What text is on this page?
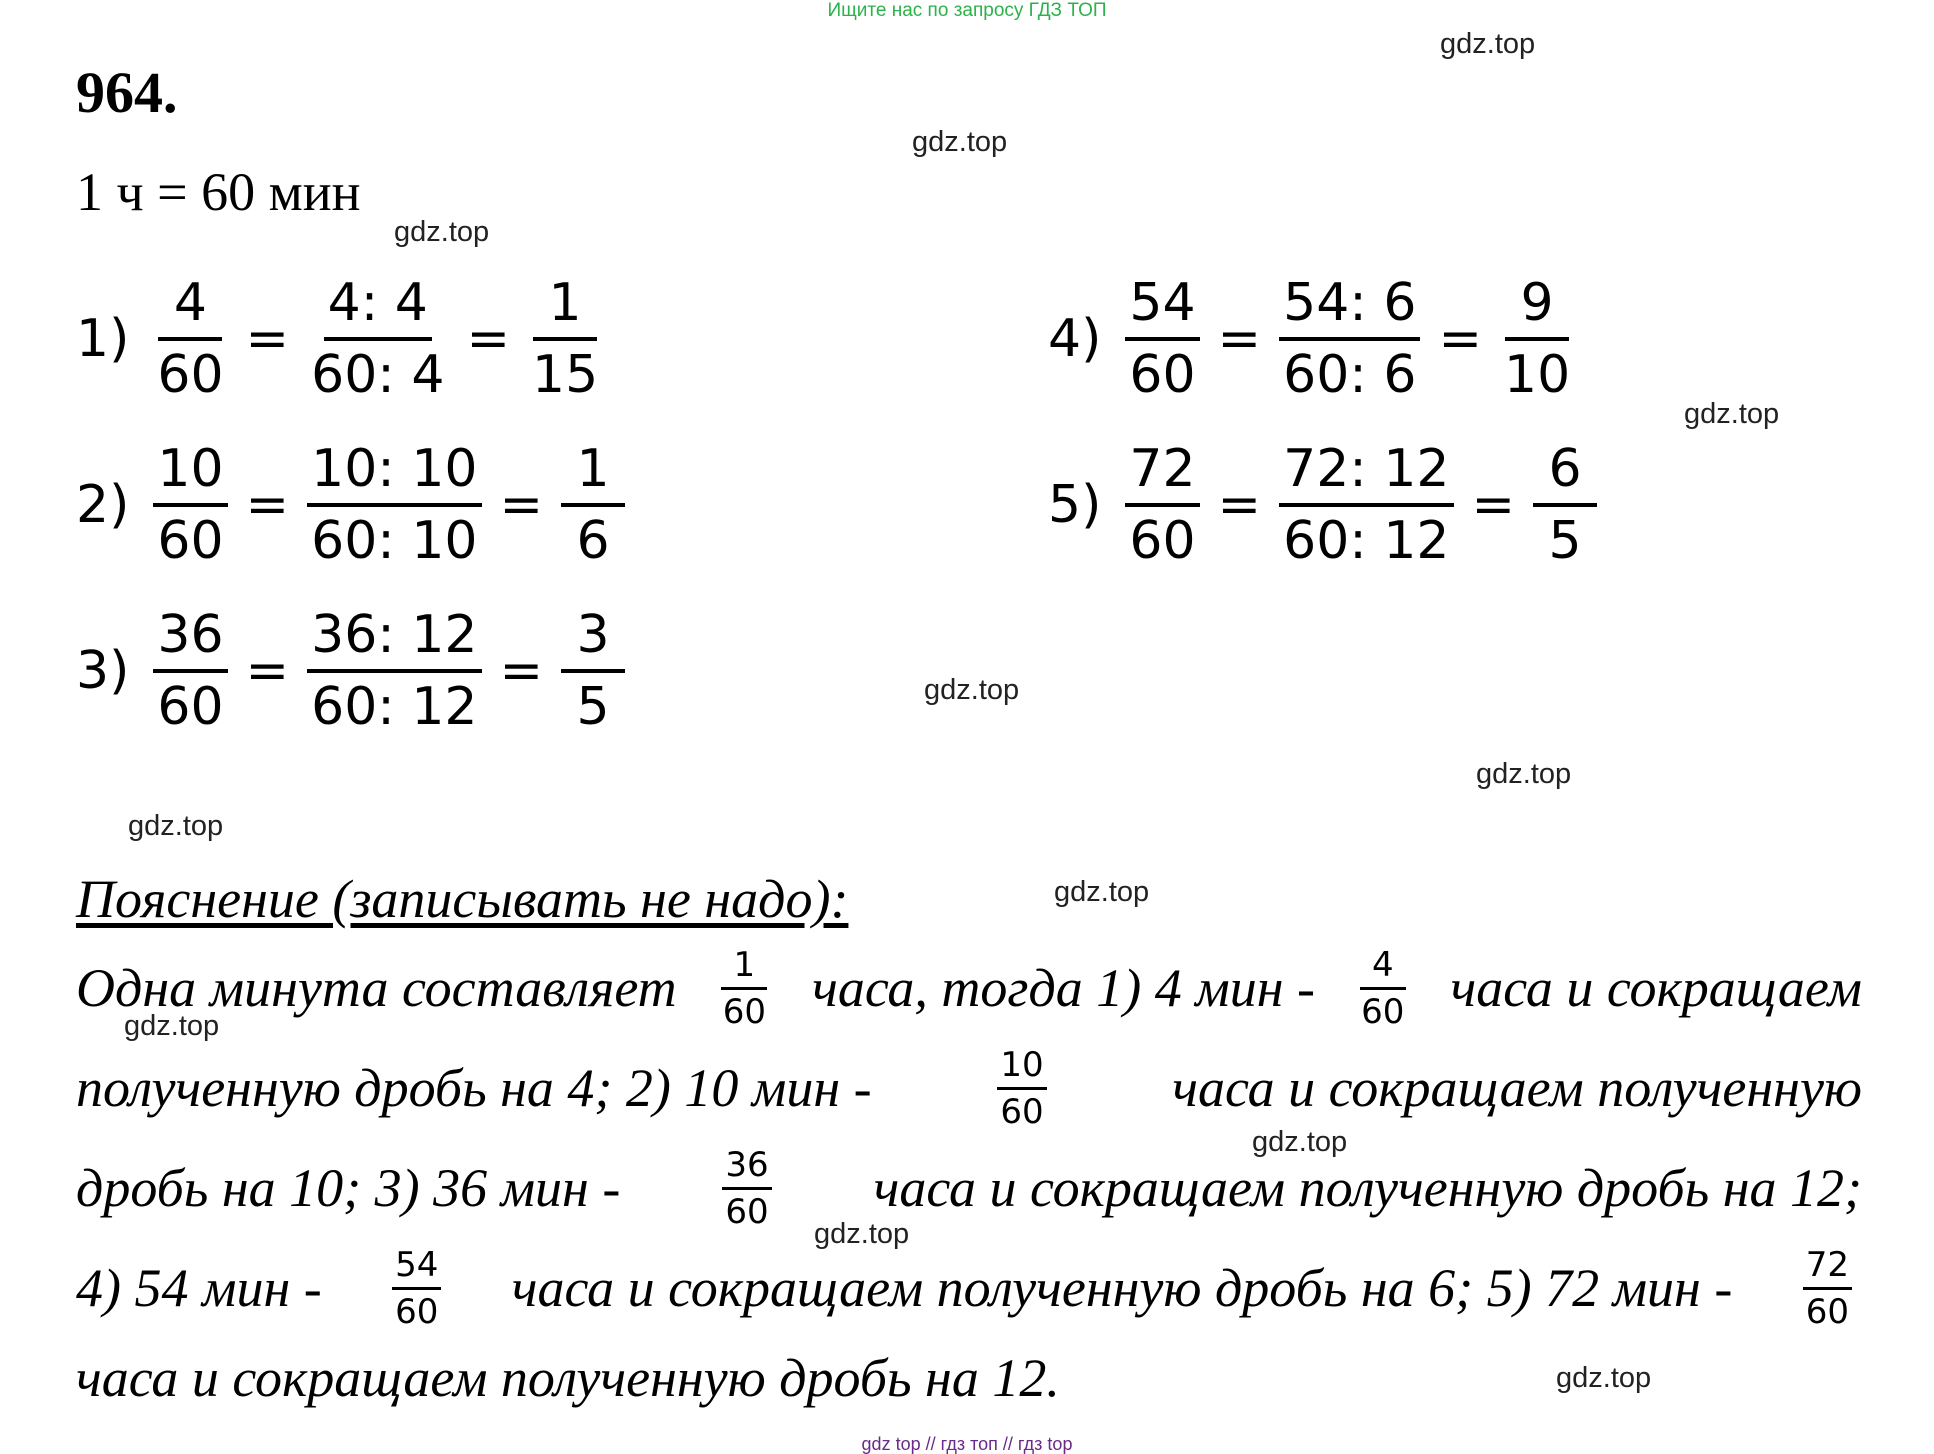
Ищите нас по запросу ГДЗ ТОП
gdz.top
gdz.top
gdz.top
gdz.top
gdz.top
gdz.top
gdz.top
gdz.top
gdz.top
gdz.top
gdz.top
gdz.top
964.
1 ч = 60 мин
$1) \frac{4}{60} = \frac{4: 4}{60: 4} = \frac{1}{15}$
$2) \frac{10}{60} = \frac{10: 10}{60: 10} = \frac{1}{6}$
$3) \frac{36}{60} = \frac{36: 12}{60: 12} = \frac{3}{5}$
$4) \frac{54}{60} = \frac{54: 6}{60: 6} = \frac{9}{10}$
$5) \frac{72}{60} = \frac{72: 12}{60: 12} = \frac{6}{5}$
Пояснение (записывать не надо):
Одна минута составляет $\frac{1}{60}$ часа, тогда 1) 4 мин - $\frac{4}{60}$ часа и сокращаем
полученную дробь на 4; 2) 10 мин -	$\frac{10}{60}$ часа и сокращаем полученную
дробь на 10; 3) 36 мин -	$\frac{36}{60}$ часа и сокращаем полученную дробь на 12;
4) 54 мин - $\frac{54}{60}$ часа и сокращаем полученную дробь на 6; 5) 72 мин - $\frac{72}{60}$
часа и сокращаем полученную дробь на 12.
gdz top // гдз топ // гдз top
